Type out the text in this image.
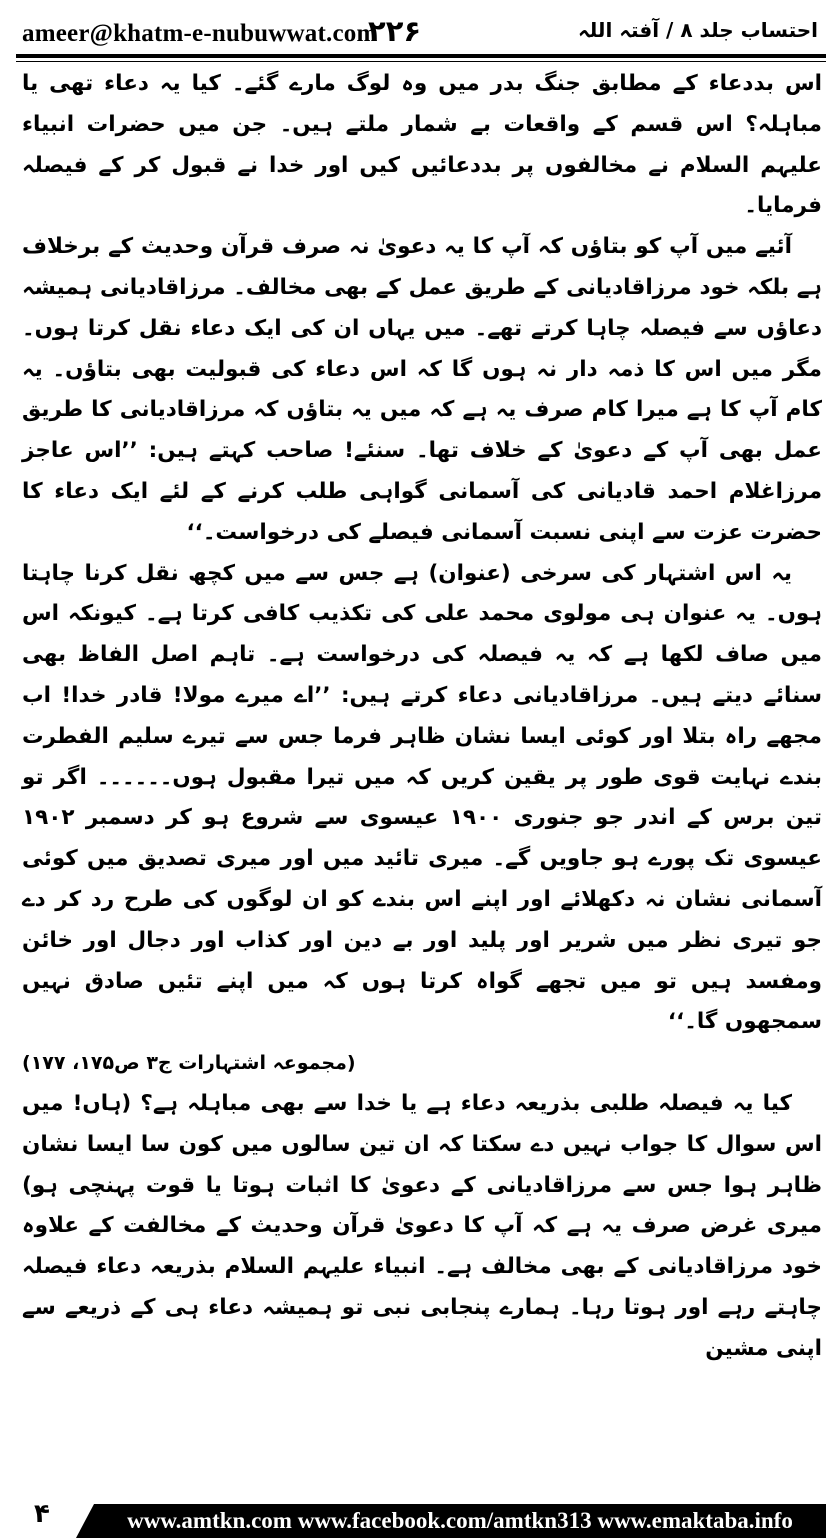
ameer@khatm-e-nubuwwat.com
۲۲۶	احتساب جلد ۸ / آفتہ اللہ

اس بددعاء کے مطابق جنگ بدر میں وہ لوگ مارے گئے۔ کیا یہ دعاء تھی یا مباہلہ؟ اس قسم کے واقعات بے شمار ملتے ہیں۔ جن میں حضرات انبیاء علیہم السلام نے مخالفوں پر بددعائیں کیں اور خدا نے قبول کر کے فیصلہ فرمایا۔

آئیے میں آپ کو بتاؤں کہ آپ کا یہ دعویٰ نہ صرف قرآن وحدیث کے برخلاف ہے بلکہ خود مرزاقادیانی کے طریق عمل کے بھی مخالف۔ مرزاقادیانی ہمیشہ دعاؤں سے فیصلہ چاہا کرتے تھے۔ میں یہاں ان کی ایک دعاء نقل کرتا ہوں۔ مگر میں اس کا ذمہ دار نہ ہوں گا کہ اس دعاء کی قبولیت بھی بتاؤں۔ یہ کام آپ کا ہے میرا کام صرف یہ ہے کہ میں یہ بتاؤں کہ مرزاقادیانی کا طریق عمل بھی آپ کے دعویٰ کے خلاف تھا۔ سنئے! صاحب کہتے ہیں: ’’اس عاجز مرزاغلام احمد قادیانی کی آسمانی گواہی طلب کرنے کے لئے ایک دعاء کا حضرت عزت سے اپنی نسبت آسمانی فیصلے کی درخواست۔‘‘

یہ اس اشتہار کی سرخی (عنوان) ہے جس سے میں کچھ نقل کرنا چاہتا ہوں۔ یہ عنوان ہی مولوی محمد علی کی تکذیب کافی کرتا ہے۔ کیونکہ اس میں صاف لکھا ہے کہ یہ فیصلہ کی درخواست ہے۔ تاہم اصل الفاظ بھی سنائے دیتے ہیں۔ مرزاقادیانی دعاء کرتے ہیں: ’’اے میرے مولا! قادر خدا! اب مجھے راہ بتلا اور کوئی ایسا نشان ظاہر فرما جس سے تیرے سلیم الفطرت بندے نہایت قوی طور پر یقین کریں کہ میں تیرا مقبول ہوں۔۔۔۔۔۔ اگر تو تین برس کے اندر جو جنوری ۱۹۰۰ عیسوی سے شروع ہو کر دسمبر ۱۹۰۲ عیسوی تک پورے ہو جاویں گے۔ میری تائید میں اور میری تصدیق میں کوئی آسمانی نشان نہ دکھلائے اور اپنے اس بندے کو ان لوگوں کی طرح رد کر دے جو تیری نظر میں شریر اور پلید اور بے دین اور کذاب اور دجال اور خائن ومفسد ہیں تو میں تجھے گواہ کرتا ہوں کہ میں اپنے تئیں صادق نہیں سمجھوں گا۔‘‘

(مجموعہ اشتہارات ج۳ ص۱۷۵، ۱۷۷)

کیا یہ فیصلہ طلبی بذریعہ دعاء ہے یا خدا سے بھی مباہلہ ہے؟ (ہاں! میں اس سوال کا جواب نہیں دے سکتا کہ ان تین سالوں میں کون سا ایسا نشان ظاہر ہوا جس سے مرزاقادیانی کے دعویٰ کا اثبات ہوتا یا قوت پہنچی ہو) میری غرض صرف یہ ہے کہ آپ کا دعویٰ قرآن وحدیث کے مخالفت کے علاوہ خود مرزاقادیانی کے بھی مخالف ہے۔ انبیاء علیہم السلام بذریعہ دعاء فیصلہ چاہتے رہے اور ہوتا رہا۔ ہمارے پنجابی نبی تو ہمیشہ دعاء ہی کے ذریعے سے اپنی مشین

۴	www.amtkn.com www.facebook.com/amtkn313 www.emaktaba.info
